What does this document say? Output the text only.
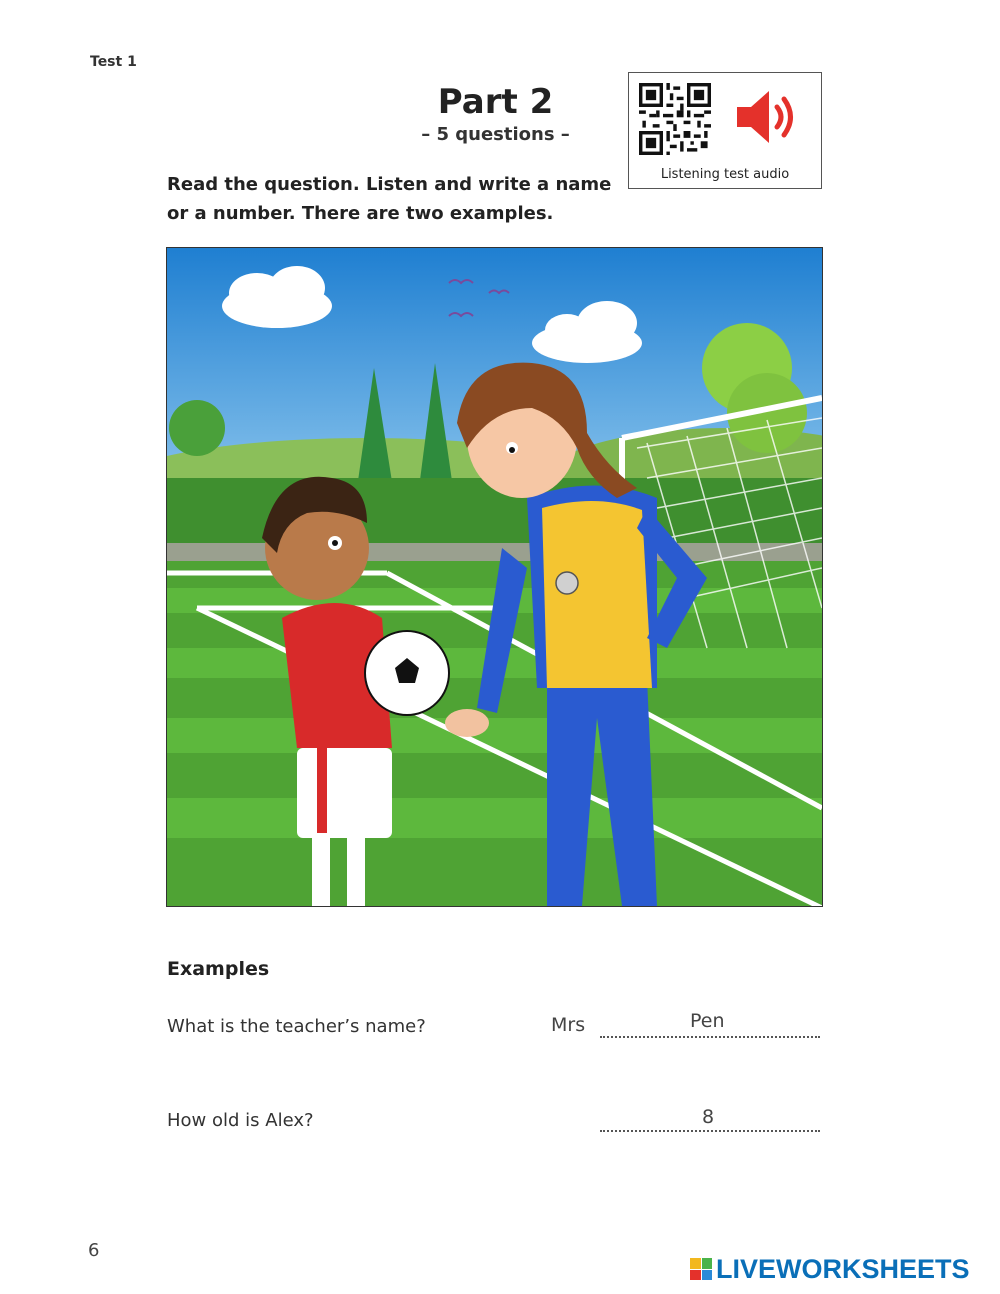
Test 1
Part 2
– 5 questions –
Listening test audio
Read the question. Listen and write a name
or a number. There are two examples.
Examples
What is the teacher’s name?	Mrs	Pen
How old is Alex?	8
6
LIVEWORKSHEETS
